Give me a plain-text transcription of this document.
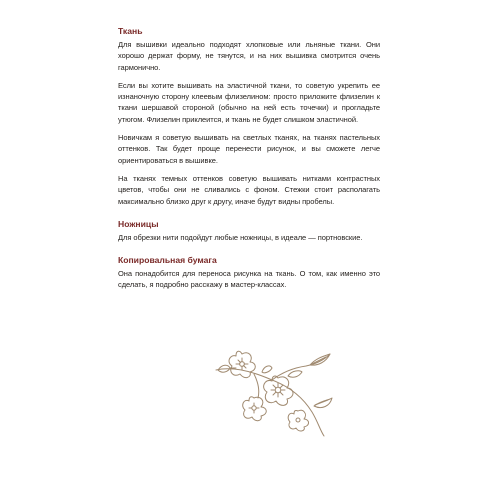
Ткань

Для вышивки идеально подходят хлопковые или льняные ткани. Они хорошо держат форму, не тянутся, и на них вышивка смотрится очень гармонично.

Если вы хотите вышивать на эластичной ткани, то советую укрепить ее изнаночную сторону клеевым флизелином: просто приложите флизелин к ткани шершавой стороной (обычно на ней есть точечки) и прогладьте утюгом. Флизелин приклеится, и ткань не будет слишком эластичной.

Новичкам я советую вышивать на светлых тканях, на тканях пастельных оттенков. Так будет проще перенести рисунок, и вы сможете легче ориентироваться в вышивке.

На тканях темных оттенков советую вышивать нитками контрастных цветов, чтобы они не сливались с фоном. Стежки стоит располагать максимально близко друг к другу, иначе будут видны пробелы.

Ножницы

Для обрезки нити подойдут любые ножницы, в идеале — портновские.

Копировальная бумага

Она понадобится для переноса рисунка на ткань. О том, как именно это сделать, я подробно расскажу в мастер-классах.
